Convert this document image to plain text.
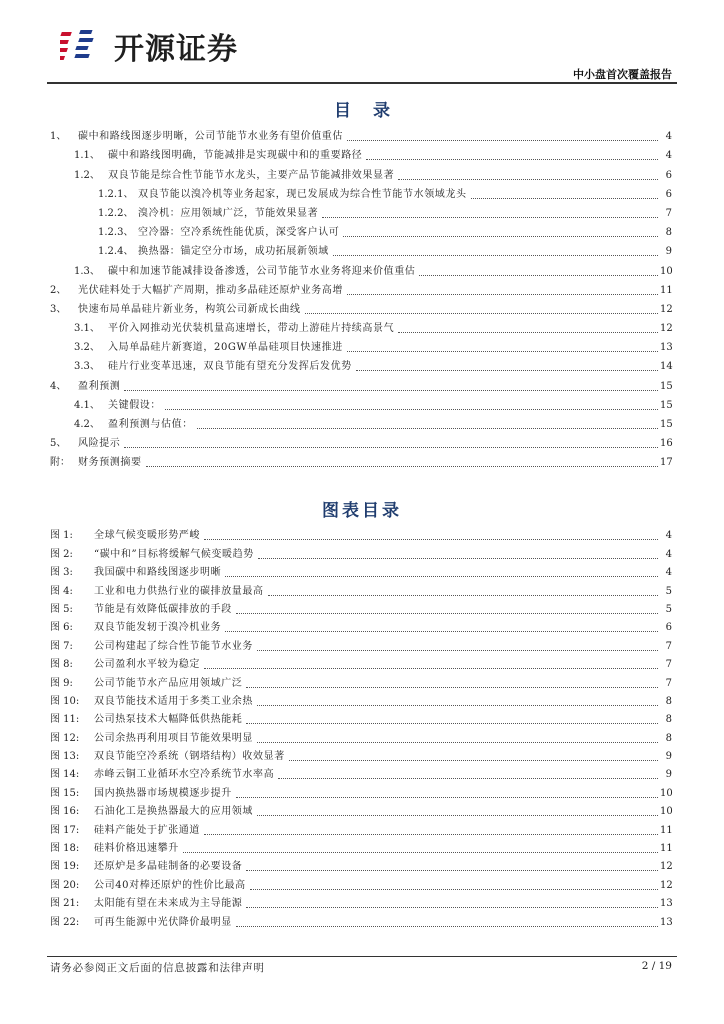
开源证券
中小盘首次覆盖报告
目录
1、	碳中和路线图逐步明晰，公司节能节水业务有望价值重估	4
1.1、 碳中和路线图明确，节能减排是实现碳中和的重要路径	4
1.2、 双良节能是综合性节能节水龙头，主要产品节能减排效果显著	6
1.2.1、 双良节能以溴冷机等业务起家，现已发展成为综合性节能节水领域龙头	6
1.2.2、 溴冷机：应用领域广泛，节能效果显著	7
1.2.3、 空冷器：空冷系统性能优质，深受客户认可	8
1.2.4、 换热器：锚定空分市场，成功拓展新领域	9
1.3、 碳中和加速节能减排设备渗透，公司节能节水业务将迎来价值重估	10
2、	光伏硅料处于大幅扩产周期，推动多晶硅还原炉业务高增	11
3、	快速布局单晶硅片新业务，构筑公司新成长曲线	12
3.1、 平价入网推动光伏装机量高速增长，带动上游硅片持续高景气	12
3.2、 入局单晶硅片新赛道，20GW单晶硅项目快速推进	13
3.3、 硅片行业变革迅速，双良节能有望充分发挥后发优势	14
4、	盈利预测	15
4.1、 关键假设：	15
4.2、 盈利预测与估值：	15
5、	风险提示	16
附： 财务预测摘要	17
图表目录
图 1:	全球气候变暖形势严峻	4
图 2:	“碳中和”目标将缓解气候变暖趋势	4
图 3:	我国碳中和路线图逐步明晰	4
图 4:	工业和电力供热行业的碳排放量最高	5
图 5:	节能是有效降低碳排放的手段	5
图 6:	双良节能发轫于溴冷机业务	6
图 7:	公司构建起了综合性节能节水业务	7
图 8:	公司盈利水平较为稳定	7
图 9:	公司节能节水产品应用领域广泛	7
图 10:	双良节能技术适用于多类工业余热	8
图 11:	公司热泵技术大幅降低供热能耗	8
图 12:	公司余热再利用项目节能效果明显	8
图 13:	双良节能空冷系统（钢塔结构）收效显著	9
图 14:	赤峰云铜工业循环水空冷系统节水率高	9
图 15:	国内换热器市场规模逐步提升	10
图 16:	石油化工是换热器最大的应用领域	10
图 17:	硅料产能处于扩张通道	11
图 18:	硅料价格迅速攀升	11
图 19:	还原炉是多晶硅制备的必要设备	12
图 20:	公司40对棒还原炉的性价比最高	12
图 21:	太阳能有望在未来成为主导能源	13
图 22:	可再生能源中光伏降价最明显	13
请务必参阅正文后面的信息披露和法律声明	2 / 19
